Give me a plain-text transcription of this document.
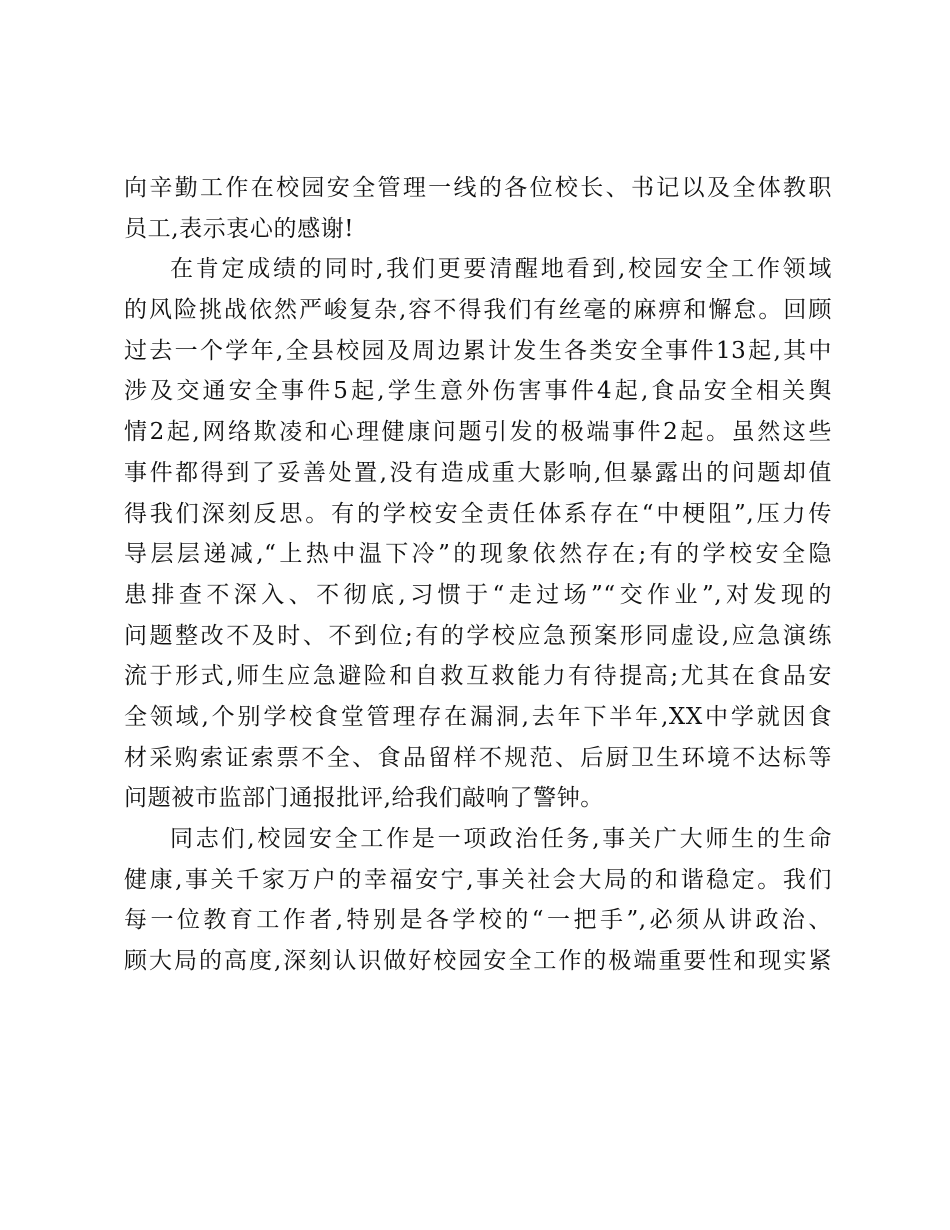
向辛勤工作在校园安全管理一线的各位校长、书记以及全体教职
员工,表示衷心的感谢!
在肯定成绩的同时,我们更要清醒地看到,校园安全工作领域
的风险挑战依然严峻复杂,容不得我们有丝毫的麻痹和懈怠。回顾
过去一个学年,全县校园及周边累计发生各类安全事件13起,其中
涉及交通安全事件5起,学生意外伤害事件4起,食品安全相关舆
情2起,网络欺凌和心理健康问题引发的极端事件2起。虽然这些
事件都得到了妥善处置,没有造成重大影响,但暴露出的问题却值
得我们深刻反思。有的学校安全责任体系存在“中梗阻”,压力传
导层层递减,“上热中温下冷”的现象依然存在;有的学校安全隐
患排查不深入、不彻底,习惯于“走过场”“交作业”,对发现的
问题整改不及时、不到位;有的学校应急预案形同虚设,应急演练
流于形式,师生应急避险和自救互救能力有待提高;尤其在食品安
全领域,个别学校食堂管理存在漏洞,去年下半年,XX中学就因食
材采购索证索票不全、食品留样不规范、后厨卫生环境不达标等
问题被市监部门通报批评,给我们敲响了警钟。
同志们,校园安全工作是一项政治任务,事关广大师生的生命
健康,事关千家万户的幸福安宁,事关社会大局的和谐稳定。我们
每一位教育工作者,特别是各学校的“一把手”,必须从讲政治、
顾大局的高度,深刻认识做好校园安全工作的极端重要性和现实紧
